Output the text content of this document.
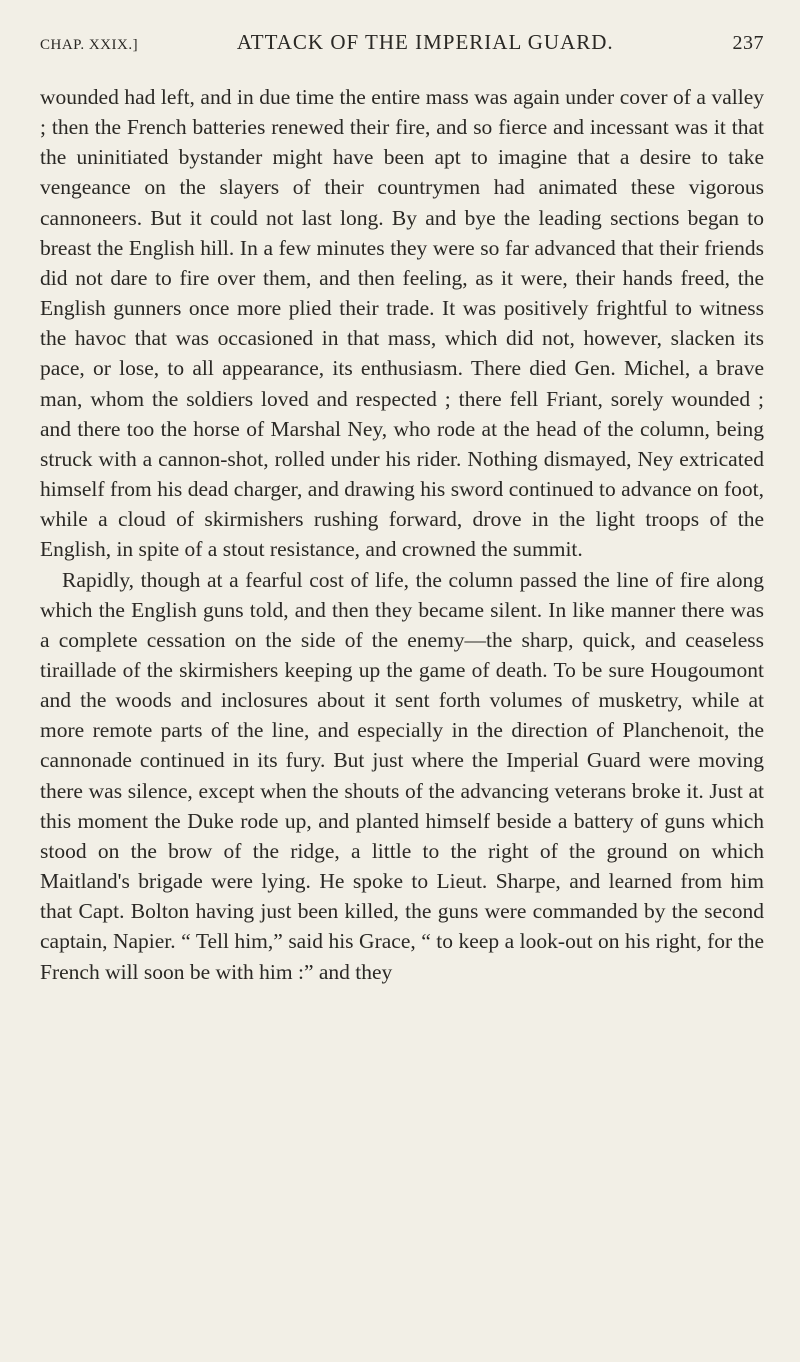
CHAP. XXIX.]	ATTACK OF THE IMPERIAL GUARD.	237

wounded had left, and in due time the entire mass was again under cover of a valley ; then the French batteries renewed their fire, and so fierce and incessant was it that the uninitiated bystander might have been apt to imagine that a desire to take vengeance on the slayers of their countrymen had animated these vigorous cannoneers. But it could not last long. By and bye the leading sections began to breast the English hill. In a few minutes they were so far advanced that their friends did not dare to fire over them, and then feeling, as it were, their hands freed, the English gunners once more plied their trade. It was positively frightful to witness the havoc that was occasioned in that mass, which did not, however, slacken its pace, or lose, to all appearance, its enthusiasm. There died Gen. Michel, a brave man, whom the soldiers loved and respected ; there fell Friant, sorely wounded ; and there too the horse of Marshal Ney, who rode at the head of the column, being struck with a cannon-shot, rolled under his rider. Nothing dismayed, Ney extricated himself from his dead charger, and drawing his sword continued to advance on foot, while a cloud of skirmishers rushing forward, drove in the light troops of the English, in spite of a stout resistance, and crowned the summit.

Rapidly, though at a fearful cost of life, the column passed the line of fire along which the English guns told, and then they became silent. In like manner there was a complete cessation on the side of the enemy—the sharp, quick, and ceaseless tiraillade of the skirmishers keeping up the game of death. To be sure Hougoumont and the woods and inclosures about it sent forth volumes of musketry, while at more remote parts of the line, and especially in the direction of Planchenoit, the cannonade continued in its fury. But just where the Imperial Guard were moving there was silence, except when the shouts of the advancing veterans broke it. Just at this moment the Duke rode up, and planted himself beside a battery of guns which stood on the brow of the ridge, a little to the right of the ground on which Maitland's brigade were lying. He spoke to Lieut. Sharpe, and learned from him that Capt. Bolton having just been killed, the guns were commanded by the second captain, Napier. “ Tell him,” said his Grace, “ to keep a look-out on his right, for the French will soon be with him :” and they
